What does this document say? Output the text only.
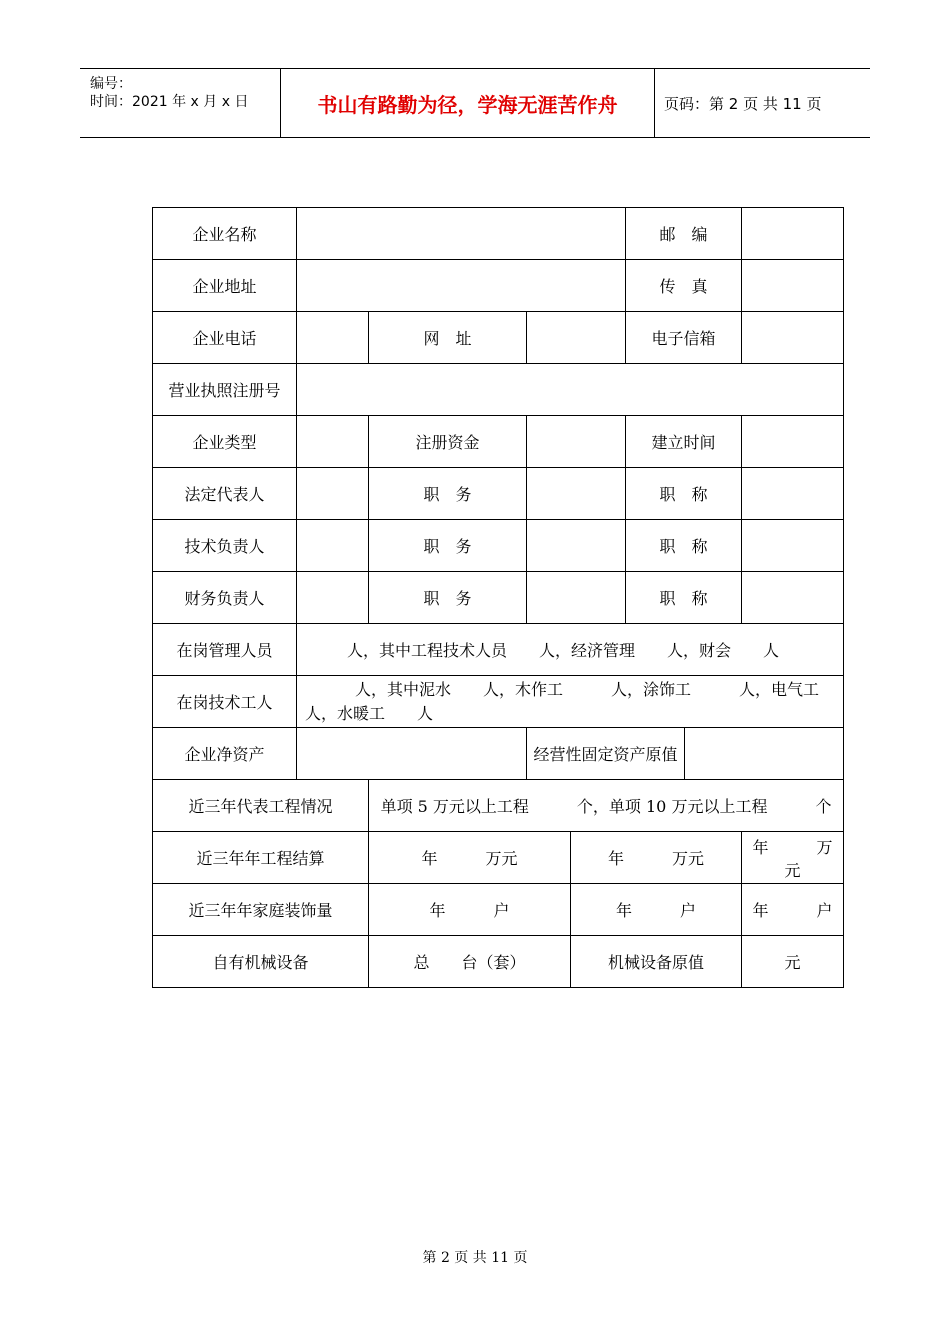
编号：
时间：2021 年 x 月 x 日	书山有路勤为径，学海无涯苦作舟	页码：第 2 页 共 11 页
企业名称					邮　编		
企业地址					传　真		
企业电话		网　址			电子信箱		
营业执照注册号							
企业类型		注册资金			建立时间		
法定代表人		职　务			职　称		
技术负责人		职　务			职　称		
财务负责人		职　务			职　称		
在岗管理人员	人，其中工程技术人员　　人，经济管理　　人，财会　　人						
在岗技术工人	人，其中泥水　　人，木作工　　　人，涂饰工　　　人，电气工人，水暖工　　人						
企业净资产			经营性固定资产原值				
近三年代表工程情况		单项 5 万元以上工程　　　个，单项 10 万元以上工程　　　个					
近三年年工程结算		年　　　万元		年　　　万元			年　　　万元
近三年年家庭装饰量		年　　　户		年　　　户			年　　　户
自有机械设备		总　　台（套）		机械设备原值			元
第 2 页 共 11 页
